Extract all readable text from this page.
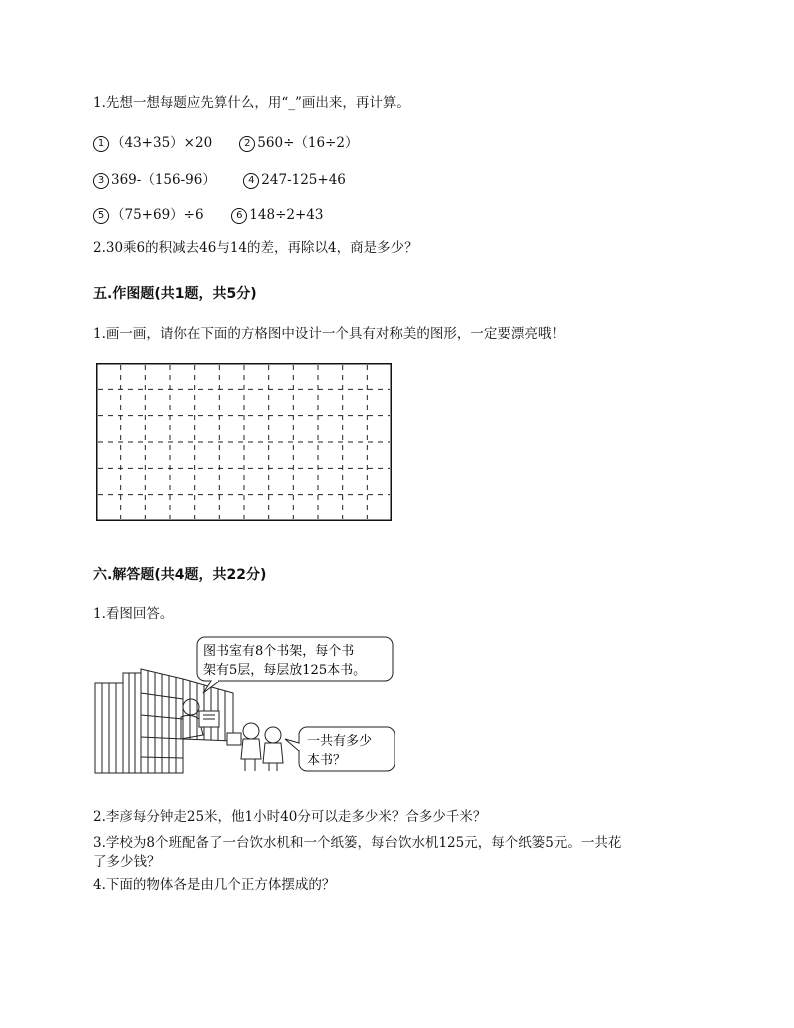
1.先想一想每题应先算什么，用“_”画出来，再计算。
1 （43+35）×20	2 560÷（16÷2）
3 369-（156-96）	4 247-125+46
5 （75+69）÷6	6 148÷2+43
2.30乘6的积减去46与14的差，再除以4，商是多少？
五.作图题(共1题，共5分)
1.画一画，请你在下面的方格图中设计一个具有对称美的图形，一定要漂亮哦！
六.解答题(共4题，共22分)
1.看图回答。
图书室有8个书架，每个书
架有5层，每层放125本书。
一共有多少
本书？
2.李彦每分钟走25米，他1小时40分可以走多少米？合多少千米？
3.学校为8个班配备了一台饮水机和一个纸篓，每台饮水机125元，每个纸篓5元。一共花
了多少钱？
4.下面的物体各是由几个正方体摆成的？
